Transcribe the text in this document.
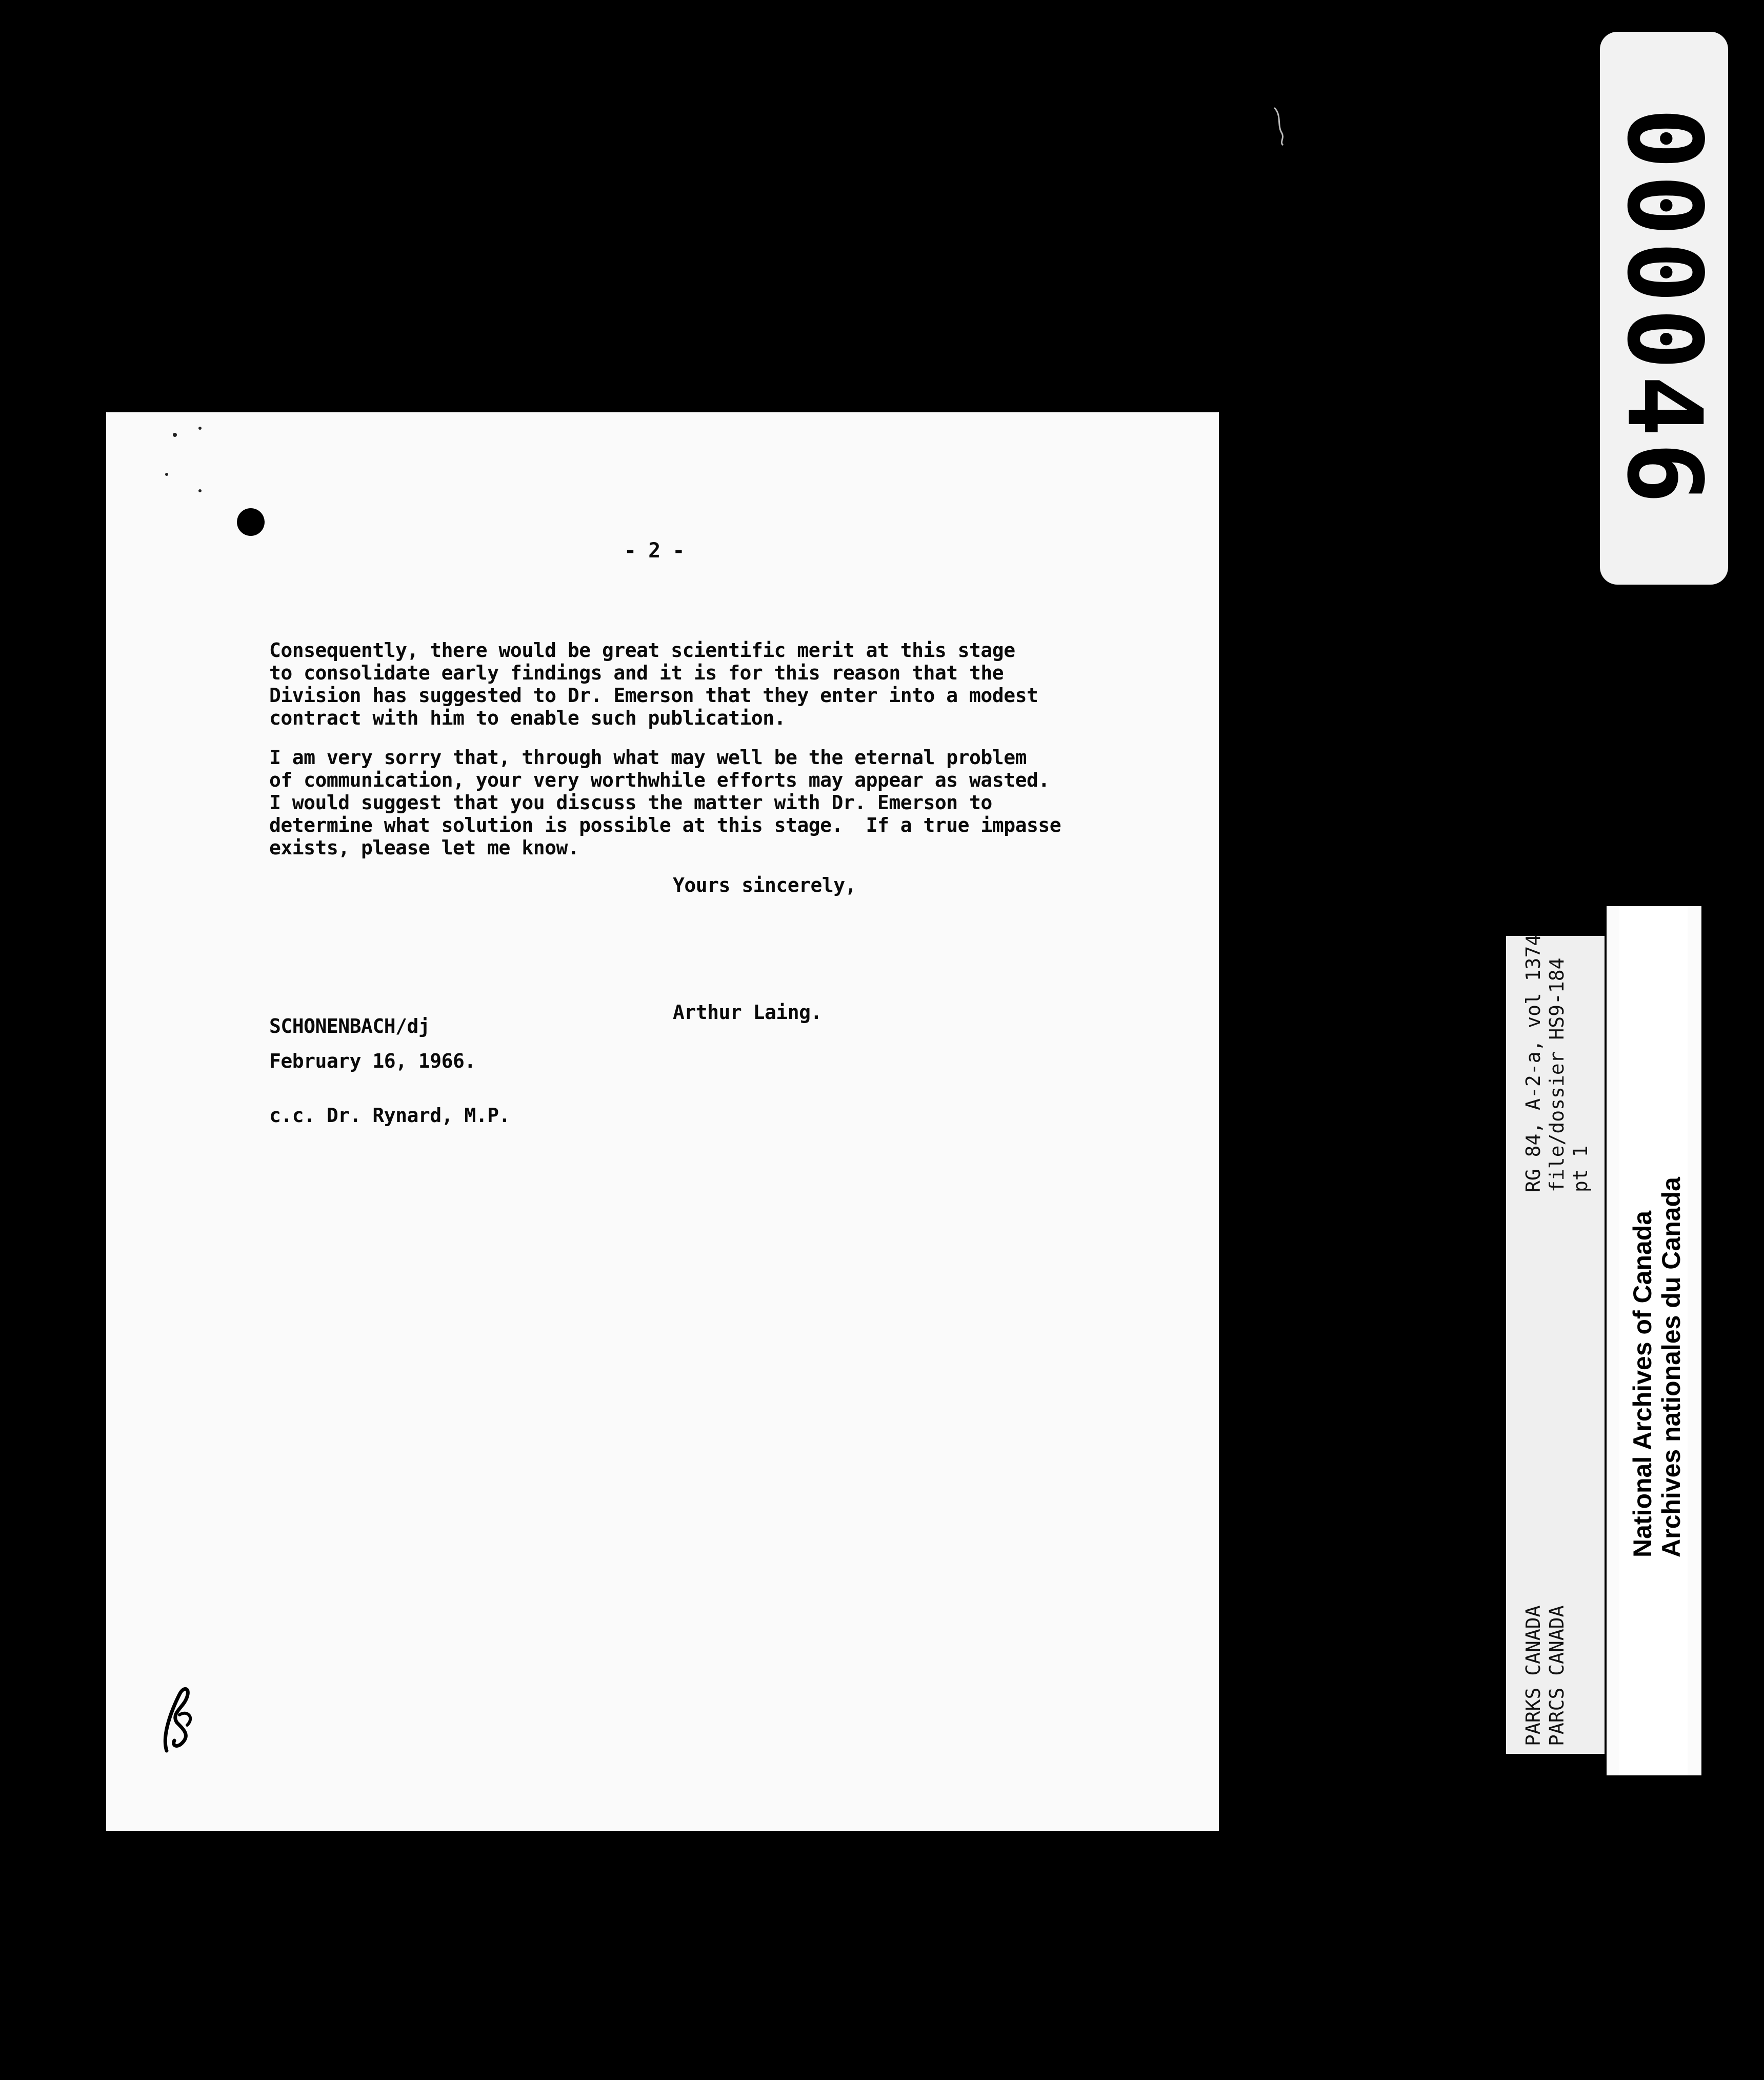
- 2 -
Consequently, there would be great scientific merit at this stage
to consolidate early findings and it is for this reason that the
Division has suggested to Dr. Emerson that they enter into a modest
contract with him to enable such publication.
I am very sorry that, through what may well be the eternal problem
of communication, your very worthwhile efforts may appear as wasted.
I would suggest that you discuss the matter with Dr. Emerson to
determine what solution is possible at this stage.  If a true impasse
exists, please let me know.
Yours sincerely,
Arthur Laing.
SCHONENBACH/dj
February 16, 1966.
c.c. Dr. Rynard, M.P.
000046
RG 84, A-2-a, vol 1374
file/dossier HS9-184
pt 1
PARKS CANADA
PARCS CANADA
National Archives of Canada
Archives nationales du Canada
